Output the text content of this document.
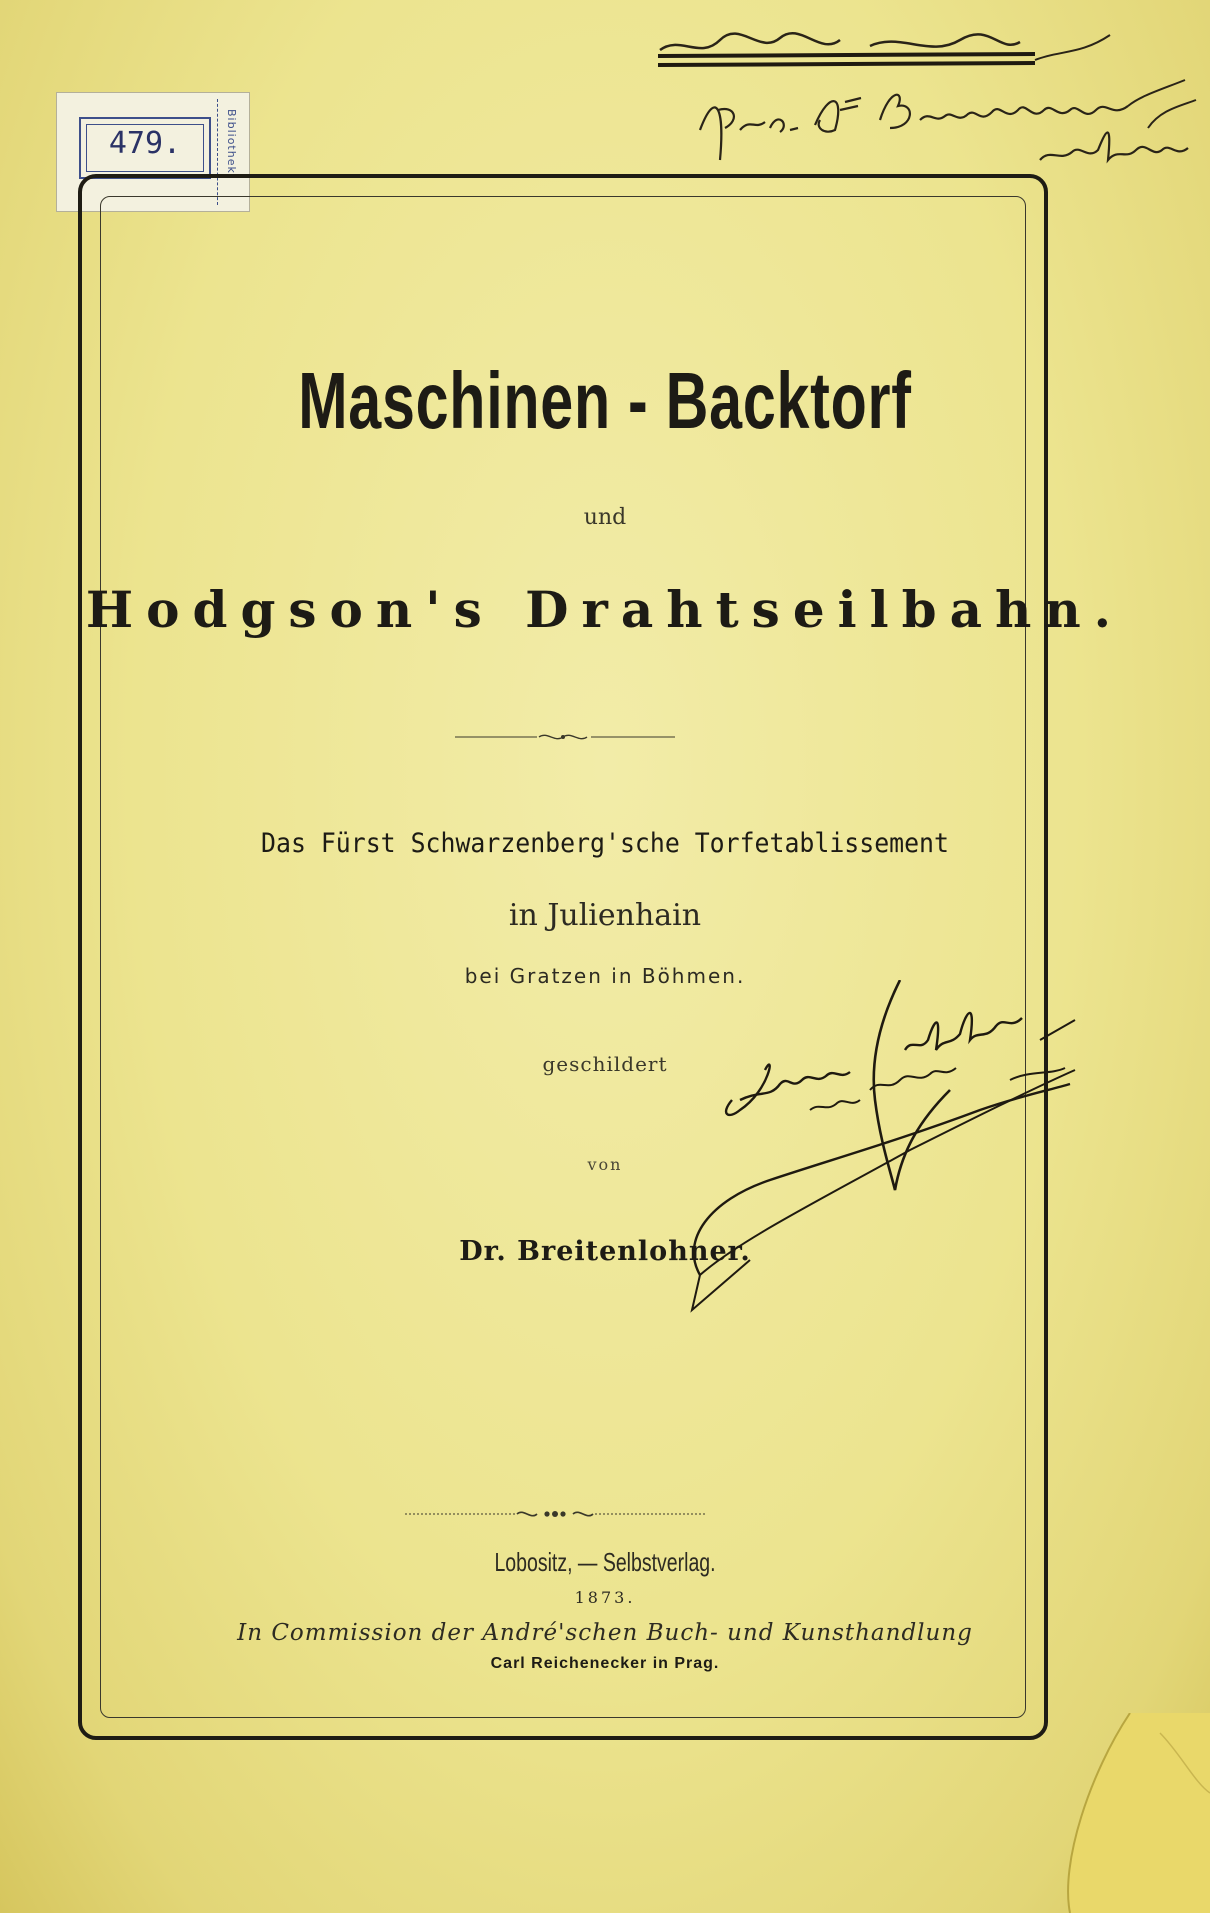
479.	Bibliothek
Maschinen - Backtorf
und
Hodgson's Drahtseilbahn.
Das Fürst Schwarzenberg'sche Torfetablissement
in Julienhain
bei Gratzen in Böhmen.
geschildert
von
Dr. Breitenlohner.
Lobositz, — Selbstverlag.
1873.
In Commission der André'schen Buch- und Kunsthandlung
Carl Reichenecker in Prag.
